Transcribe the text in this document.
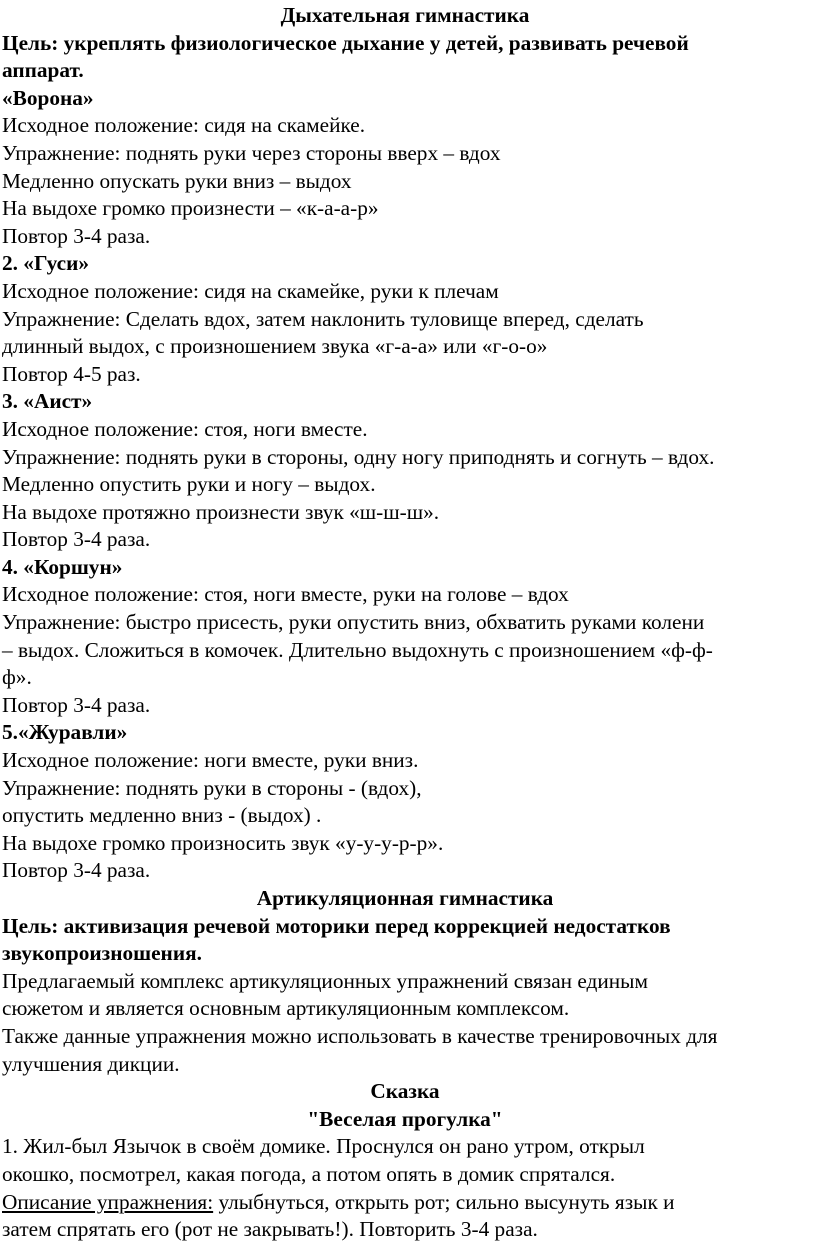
Дыхательная гимнастика
Цель: укреплять физиологическое дыхание у детей, развивать речевой
аппарат.
«Ворона»
Исходное положение: сидя на скамейке.
Упражнение: поднять руки через стороны вверх – вдох
Медленно опускать руки вниз – выдох
На выдохе громко произнести – «к-а-а-р»
Повтор 3-4 раза.
2. «Гуси»
Исходное положение: сидя на скамейке, руки к плечам
Упражнение: Сделать вдох, затем наклонить туловище вперед, сделать
длинный выдох, с произношением звука «г-а-а» или «г-о-о»
Повтор 4-5 раз.
3. «Аист»
Исходное положение: стоя, ноги вместе.
Упражнение: поднять руки в стороны, одну ногу приподнять и согнуть – вдох.
Медленно опустить руки и ногу – выдох.
На выдохе протяжно произнести звук «ш-ш-ш».
Повтор 3-4 раза.
4. «Коршун»
Исходное положение: стоя, ноги вместе, руки на голове – вдох
Упражнение: быстро присесть, руки опустить вниз, обхватить руками колени
– выдох. Сложиться в комочек. Длительно выдохнуть с произношением «ф-ф-
ф».
Повтор 3-4 раза.
5.«Журавли»
Исходное положение: ноги вместе, руки вниз.
Упражнение: поднять руки в стороны - (вдох),
опустить медленно вниз - (выдох) .
На выдохе громко произносить звук «у-у-у-р-р».
Повтор 3-4 раза.
Артикуляционная гимнастика
Цель: активизация речевой моторики перед коррекцией недостатков
звукопроизношения.
Предлагаемый комплекс артикуляционных упражнений связан единым
сюжетом и является основным артикуляционным комплексом.
Также данные упражнения можно использовать в качестве тренировочных для
улучшения дикции.
Сказка
"Веселая прогулка"
1. Жил-был Язычок в своём домике. Проснулся он рано утром, открыл
окошко, посмотрел, какая погода, а потом опять в домик спрятался.
Описание упражнения: улыбнуться, открыть рот; сильно высунуть язык и
затем спрятать его (рот не закрывать!). Повторить 3-4 раза.
